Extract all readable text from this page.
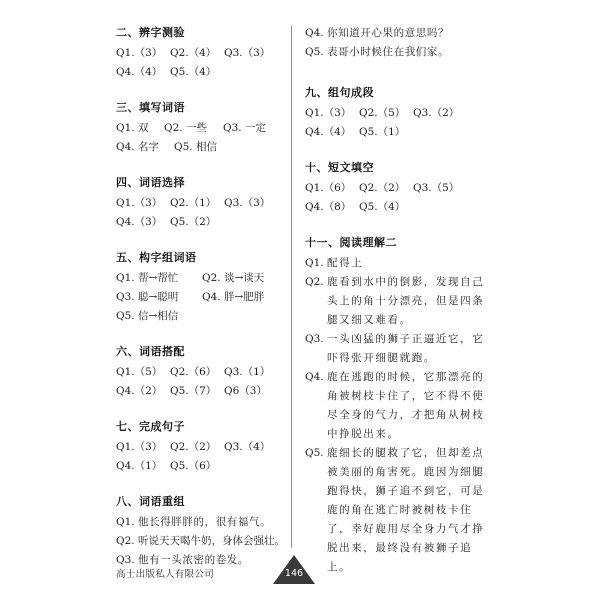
二、辨字测验
Q1.（3） Q2.（4） Q3.（3）
Q4.（4） Q5.（4）
三、填写词语
Q1. 双 Q2. 一些 Q3. 一定
Q4. 名字 Q5. 相信
四、词语选择
Q1.（3） Q2.（1） Q3.（3）
Q4.（3） Q5.（2）
五、构字组词语
Q1. 帮→帮忙 Q2. 谈→谈天
Q3. 聪→聪明 Q4. 胖→肥胖
Q5. 信→相信
六、词语搭配
Q1.（5） Q2.（6） Q3.（1）
Q4.（2） Q5.（7） Q6（3）
七、完成句子
Q1.（3） Q2.（2） Q3.（4）
Q4.（1） Q5.（6）
八、词语重组
Q1. 他长得胖胖的，很有福气。
Q2. 听说天天喝牛奶，身体会强壮。
Q3. 他有一头浓密的卷发。
Q4. 你知道开心果的意思吗？
Q5. 表哥小时候住在我们家。
九、组句成段
Q1.（3） Q2.（5） Q3.（2）
Q4.（4） Q5.（1）
十、短文填空
Q1.（6） Q2.（2） Q3.（5）
Q4.（8） Q5.（4）
十一、阅读理解二
Q1. 配得上
Q2. 鹿看到水中的倒影，发现自己头上的角十分漂亮，但是四条腿又细又难看。
Q3. 一头凶猛的狮子正逼近它，它吓得张开细腿就跑。
Q4. 鹿在逃跑的时候，它那漂亮的角被树枝卡住了，它不得不使尽全身的气力，才把角从树枝中挣脱出来。
Q5. 鹿细长的腿救了它，但却差点被美丽的角害死。鹿因为细腿跑得快，狮子追不到它，可是鹿的角在逃亡时被树枝卡住了，幸好鹿用尽全身力气才挣脱出来，最终没有被狮子追上。
高士出版私人有限公司	146
